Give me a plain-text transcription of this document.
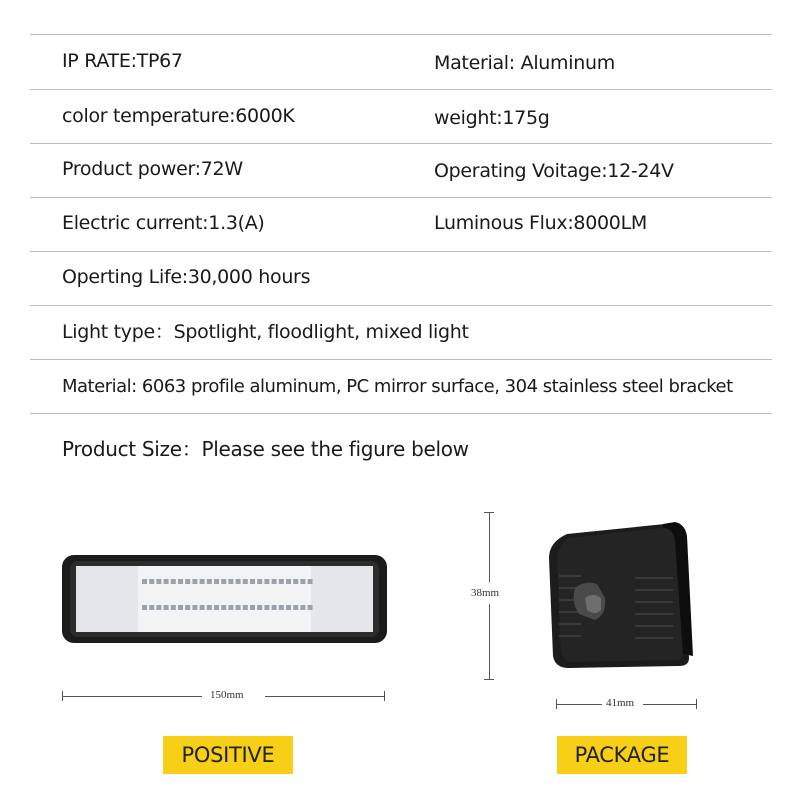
IP RATE:TP67	Material: Aluminum
color temperature:6000K	weight:175g
Product power:72W	Operating Voitage:12-24V
Electric current:1.3(A)	Luminous Flux:8000LM
Operting Life:30,000 hours
Light type：Spotlight, floodlight, mixed light
Material: 6063 profile aluminum, PC mirror surface, 304 stainless steel bracket
Product Size：Please see the figure below
150mm
38mm
41mm
POSITIVE	PACKAGE
